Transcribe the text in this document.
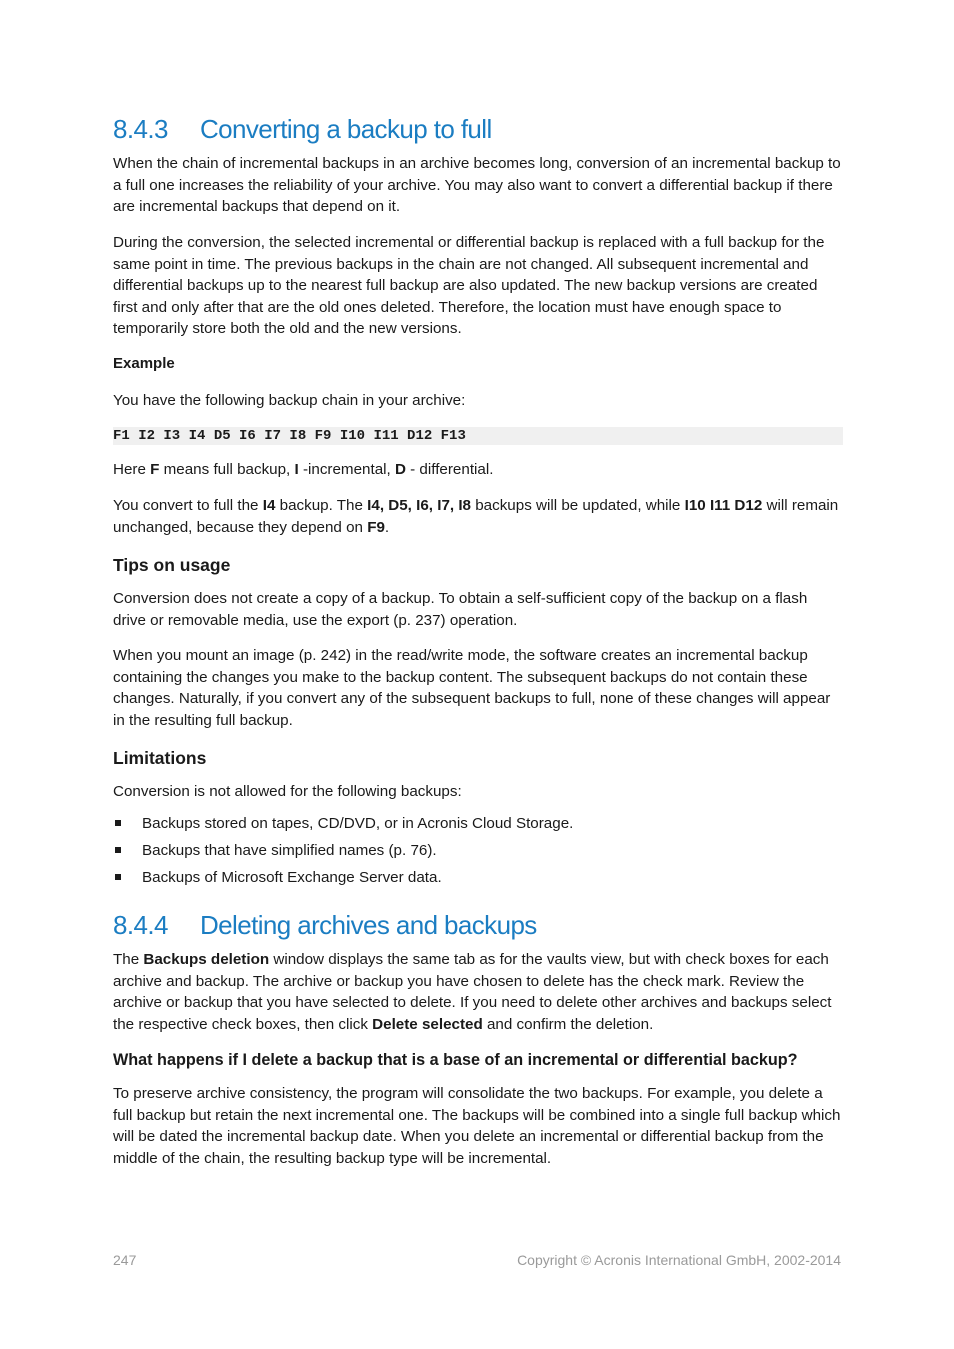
8.4.3 Converting a backup to full

When the chain of incremental backups in an archive becomes long, conversion of an incremental backup to a full one increases the reliability of your archive. You may also want to convert a differential backup if there are incremental backups that depend on it.

During the conversion, the selected incremental or differential backup is replaced with a full backup for the same point in time. The previous backups in the chain are not changed. All subsequent incremental and differential backups up to the nearest full backup are also updated. The new backup versions are created first and only after that are the old ones deleted. Therefore, the location must have enough space to temporarily store both the old and the new versions.

Example

You have the following backup chain in your archive:

F1 I2 I3 I4 D5 I6 I7 I8 F9 I10 I11 D12 F13

Here F means full backup, I -incremental, D - differential.

You convert to full the I4 backup. The I4, D5, I6, I7, I8 backups will be updated, while I10 I11 D12 will remain unchanged, because they depend on F9.

Tips on usage

Conversion does not create a copy of a backup. To obtain a self-sufficient copy of the backup on a flash drive or removable media, use the export (p. 237) operation.

When you mount an image (p. 242) in the read/write mode, the software creates an incremental backup containing the changes you make to the backup content. The subsequent backups do not contain these changes. Naturally, if you convert any of the subsequent backups to full, none of these changes will appear in the resulting full backup.

Limitations

Conversion is not allowed for the following backups:

Backups stored on tapes, CD/DVD, or in Acronis Cloud Storage.
Backups that have simplified names (p. 76).
Backups of Microsoft Exchange Server data.
8.4.4 Deleting archives and backups

The Backups deletion window displays the same tab as for the vaults view, but with check boxes for each archive and backup. The archive or backup you have chosen to delete has the check mark. Review the archive or backup that you have selected to delete. If you need to delete other archives and backups select the respective check boxes, then click Delete selected and confirm the deletion.

What happens if I delete a backup that is a base of an incremental or differential backup?

To preserve archive consistency, the program will consolidate the two backups. For example, you delete a full backup but retain the next incremental one. The backups will be combined into a single full backup which will be dated the incremental backup date. When you delete an incremental or differential backup from the middle of the chain, the resulting backup type will be incremental.

247	Copyright © Acronis International GmbH, 2002-2014
